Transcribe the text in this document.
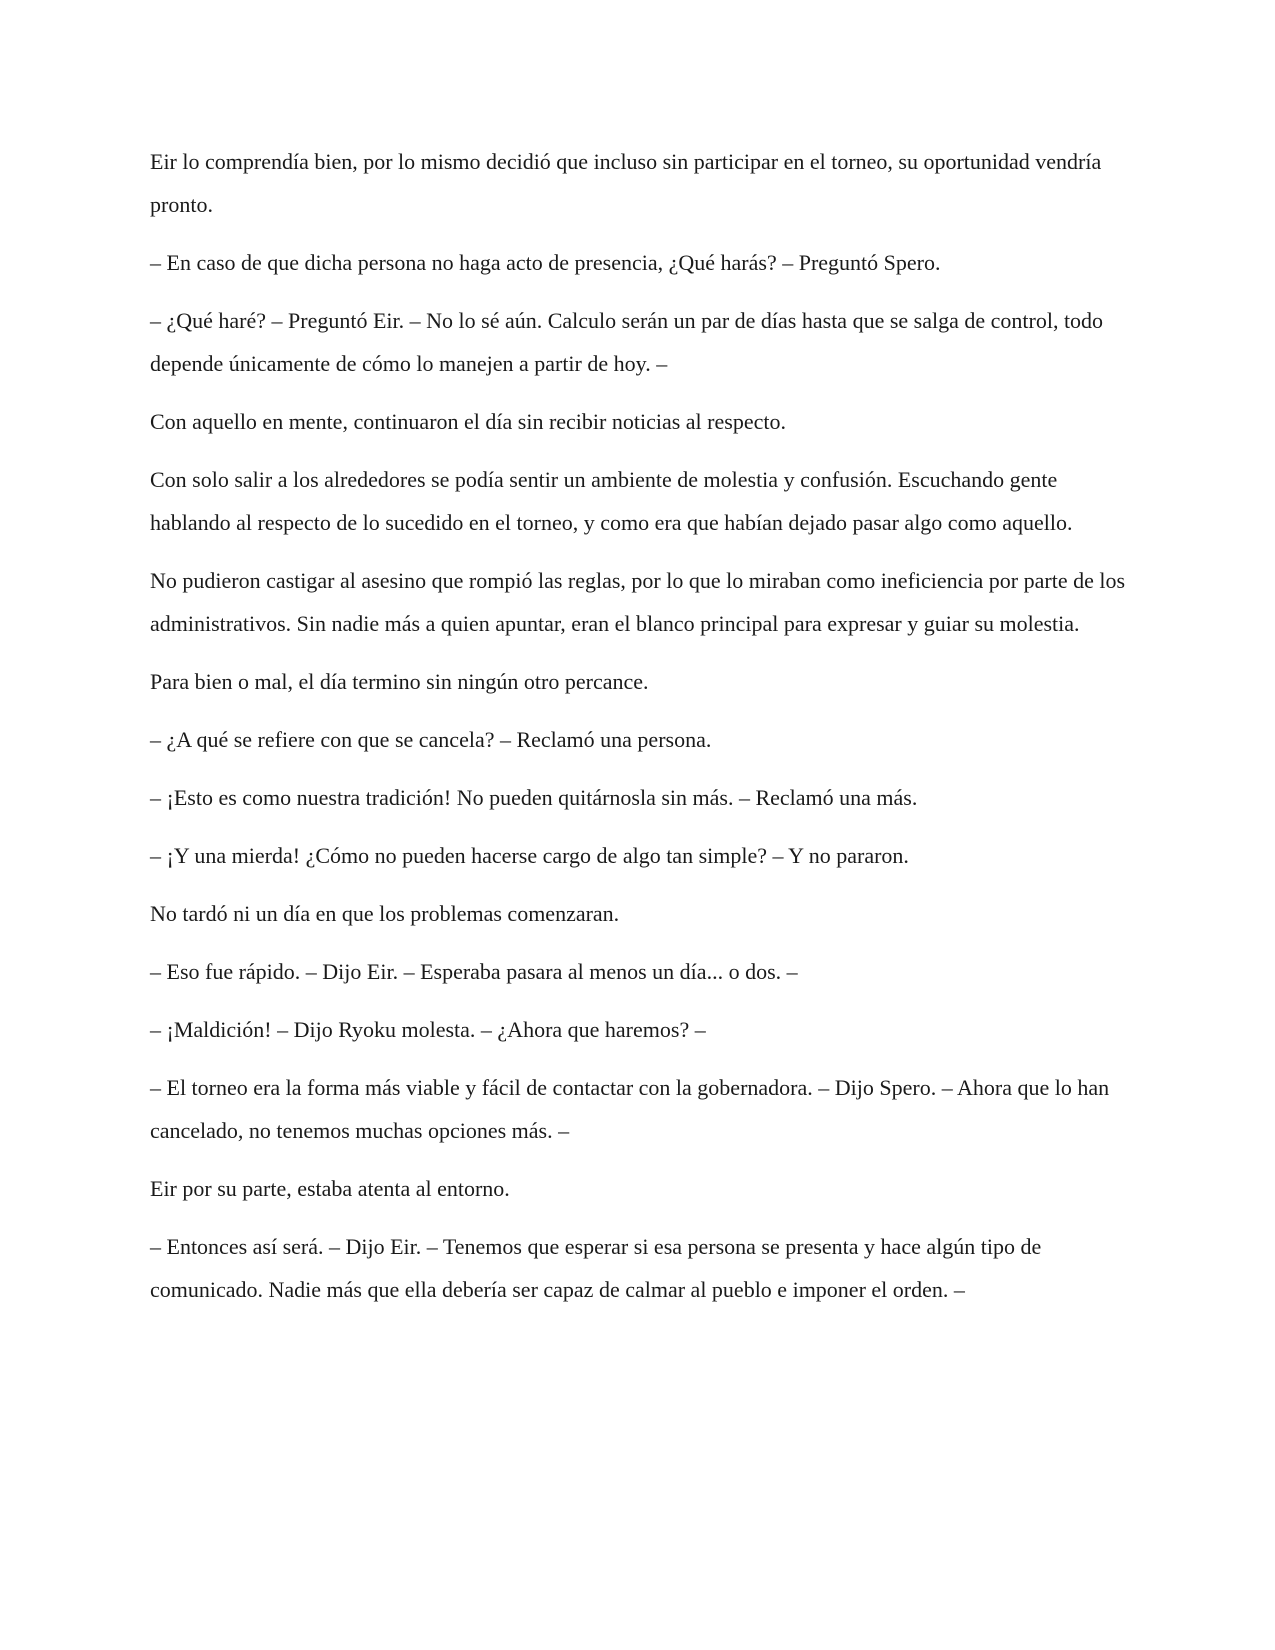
Eir lo comprendía bien, por lo mismo decidió que incluso sin participar en el torneo, su oportunidad vendría pronto.

– En caso de que dicha persona no haga acto de presencia, ¿Qué harás? – Preguntó Spero.

– ¿Qué haré? – Preguntó Eir. – No lo sé aún. Calculo serán un par de días hasta que se salga de control, todo depende únicamente de cómo lo manejen a partir de hoy. –

Con aquello en mente, continuaron el día sin recibir noticias al respecto.

Con solo salir a los alrededores se podía sentir un ambiente de molestia y confusión. Escuchando gente hablando al respecto de lo sucedido en el torneo, y como era que habían dejado pasar algo como aquello.

No pudieron castigar al asesino que rompió las reglas, por lo que lo miraban como ineficiencia por parte de los administrativos. Sin nadie más a quien apuntar, eran el blanco principal para expresar y guiar su molestia.

Para bien o mal, el día termino sin ningún otro percance.

– ¿A qué se refiere con que se cancela? – Reclamó una persona.

– ¡Esto es como nuestra tradición! No pueden quitárnosla sin más. – Reclamó una más.

– ¡Y una mierda! ¿Cómo no pueden hacerse cargo de algo tan simple? – Y no pararon.

No tardó ni un día en que los problemas comenzaran.

– Eso fue rápido. – Dijo Eir. – Esperaba pasara al menos un día... o dos. –

– ¡Maldición! – Dijo Ryoku molesta. – ¿Ahora que haremos? –

– El torneo era la forma más viable y fácil de contactar con la gobernadora. – Dijo Spero. – Ahora que lo han cancelado, no tenemos muchas opciones más. –

Eir por su parte, estaba atenta al entorno.

– Entonces así será. – Dijo Eir. – Tenemos que esperar si esa persona se presenta y hace algún tipo de comunicado. Nadie más que ella debería ser capaz de calmar al pueblo e imponer el orden. –
